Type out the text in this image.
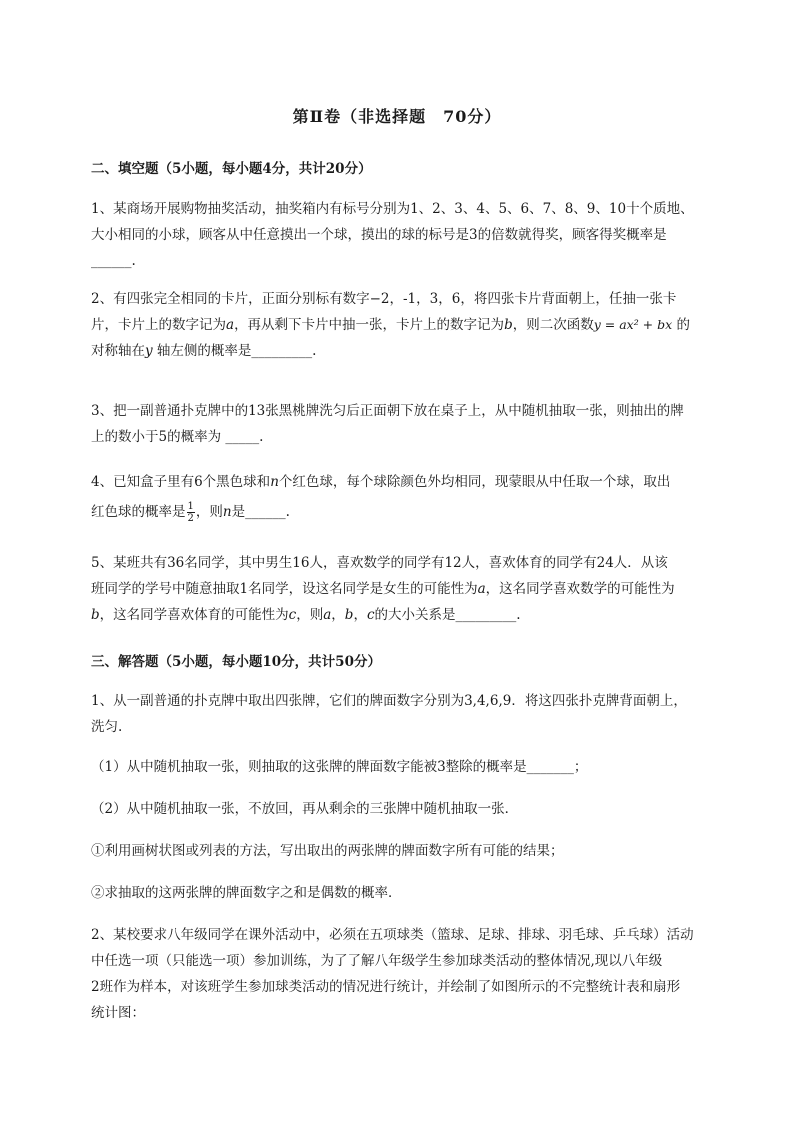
第Ⅱ卷（非选择题　70分）
二、填空题（5小题，每小题4分，共计20分）
1、某商场开展购物抽奖活动，抽奖箱内有标号分别为1、2、3、4、5、6、7、8、9、10十个质地、
大小相同的小球，顾客从中任意摸出一个球，摸出的球的标号是3的倍数就得奖，顾客得奖概率是
______.
2、有四张完全相同的卡片，正面分别标有数字−2，-1，3，6，将四张卡片背面朝上，任抽一张卡
片，卡片上的数字记为a，再从剩下卡片中抽一张，卡片上的数字记为b，则二次函数y = ax² + bx 的
对称轴在y 轴左侧的概率是_________.
3、把一副普通扑克牌中的13张黑桃牌洗匀后正面朝下放在桌子上，从中随机抽取一张，则抽出的牌
上的数小于5的概率为 _____.
4、已知盒子里有6个黑色球和n个红色球，每个球除颜色外均相同，现蒙眼从中任取一个球，取出
红色球的概率是 $\frac{1}{2}$ ，则n是______.
5、某班共有36名同学，其中男生16人，喜欢数学的同学有12人，喜欢体育的同学有24人．从该
班同学的学号中随意抽取1名同学，设这名同学是女生的可能性为a，这名同学喜欢数学的可能性为
b，这名同学喜欢体育的可能性为c，则a，b，c的大小关系是_________.
三、解答题（5小题，每小题10分，共计50分）
1、从一副普通的扑克牌中取出四张牌，它们的牌面数字分别为3,4,6,9．将这四张扑克牌背面朝上，
洗匀.
（1）从中随机抽取一张，则抽取的这张牌的牌面数字能被3整除的概率是_______；
（2）从中随机抽取一张，不放回，再从剩余的三张牌中随机抽取一张．
①利用画树状图或列表的方法，写出取出的两张牌的牌面数字所有可能的结果；
②求抽取的这两张牌的牌面数字之和是偶数的概率．
2、某校要求八年级同学在课外活动中，必须在五项球类（篮球、足球、排球、羽毛球、乒乓球）活动
中任选一项（只能选一项）参加训练，为了了解八年级学生参加球类活动的整体情况,现以八年级
2班作为样本，对该班学生参加球类活动的情况进行统计，并绘制了如图所示的不完整统计表和扇形
统计图：
